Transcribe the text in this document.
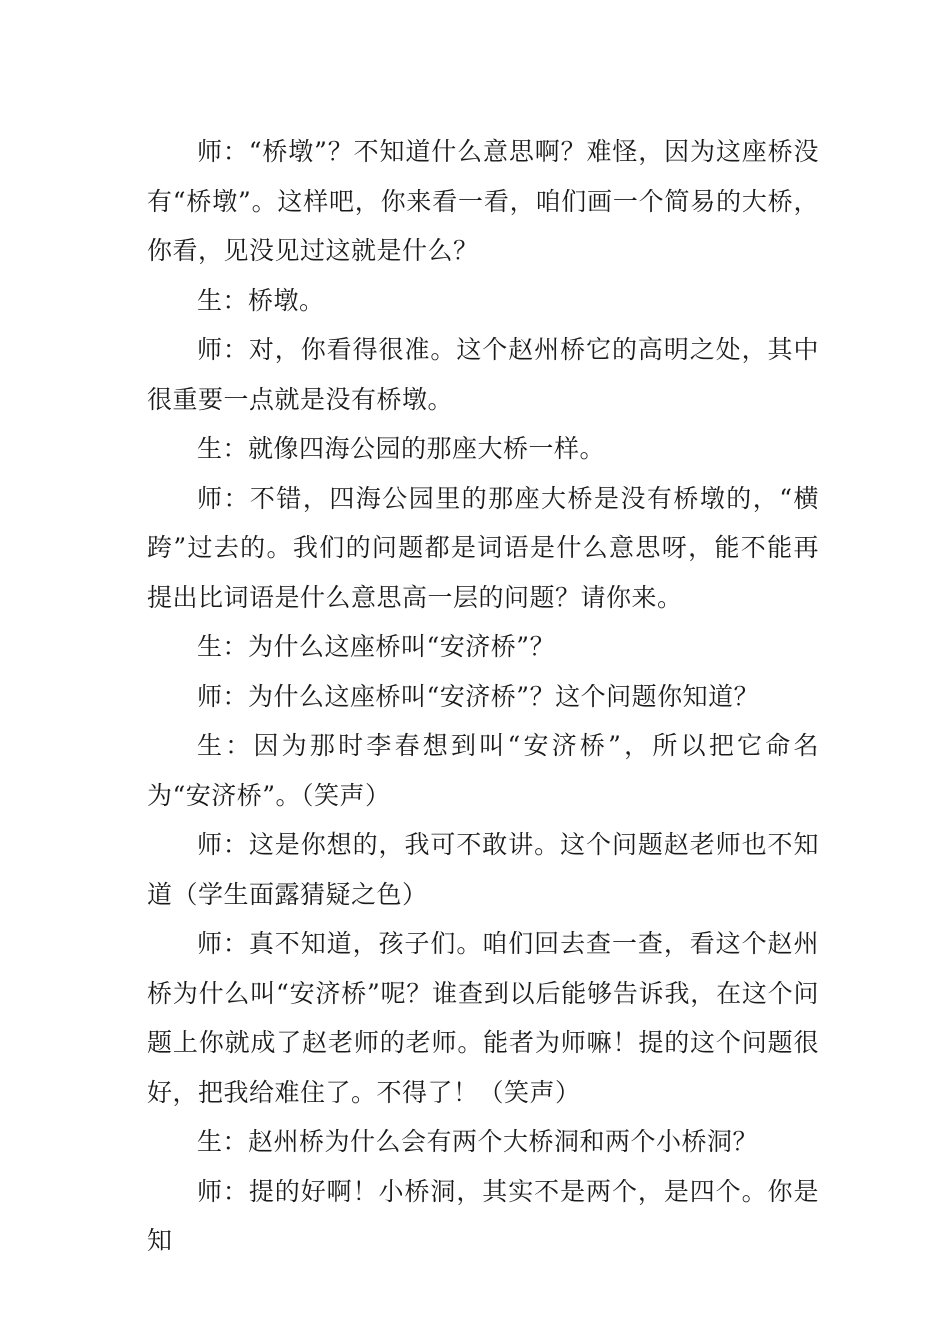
师：“桥墩”？不知道什么意思啊？难怪，因为这座桥没有“桥墩”。这样吧，你来看一看，咱们画一个简易的大桥，你看，见没见过这就是什么？

生：桥墩。

师：对，你看得很准。这个赵州桥它的高明之处，其中很重要一点就是没有桥墩。

生：就像四海公园的那座大桥一样。

师：不错，四海公园里的那座大桥是没有桥墩的，“横跨”过去的。我们的问题都是词语是什么意思呀，能不能再提出比词语是什么意思高一层的问题？请你来。

生：为什么这座桥叫“安济桥”？

师：为什么这座桥叫“安济桥”？这个问题你知道？

生：因为那时李春想到叫“安济桥”，所以把它命名为“安济桥”。（笑声）

师：这是你想的，我可不敢讲。这个问题赵老师也不知道（学生面露猜疑之色）

师：真不知道，孩子们。咱们回去查一查，看这个赵州桥为什么叫“安济桥”呢？谁查到以后能够告诉我，在这个问题上你就成了赵老师的老师。能者为师嘛！提的这个问题很好，把我给难住了。不得了！（笑声）

生：赵州桥为什么会有两个大桥洞和两个小桥洞？

师：提的好啊！小桥洞，其实不是两个，是四个。你是知
